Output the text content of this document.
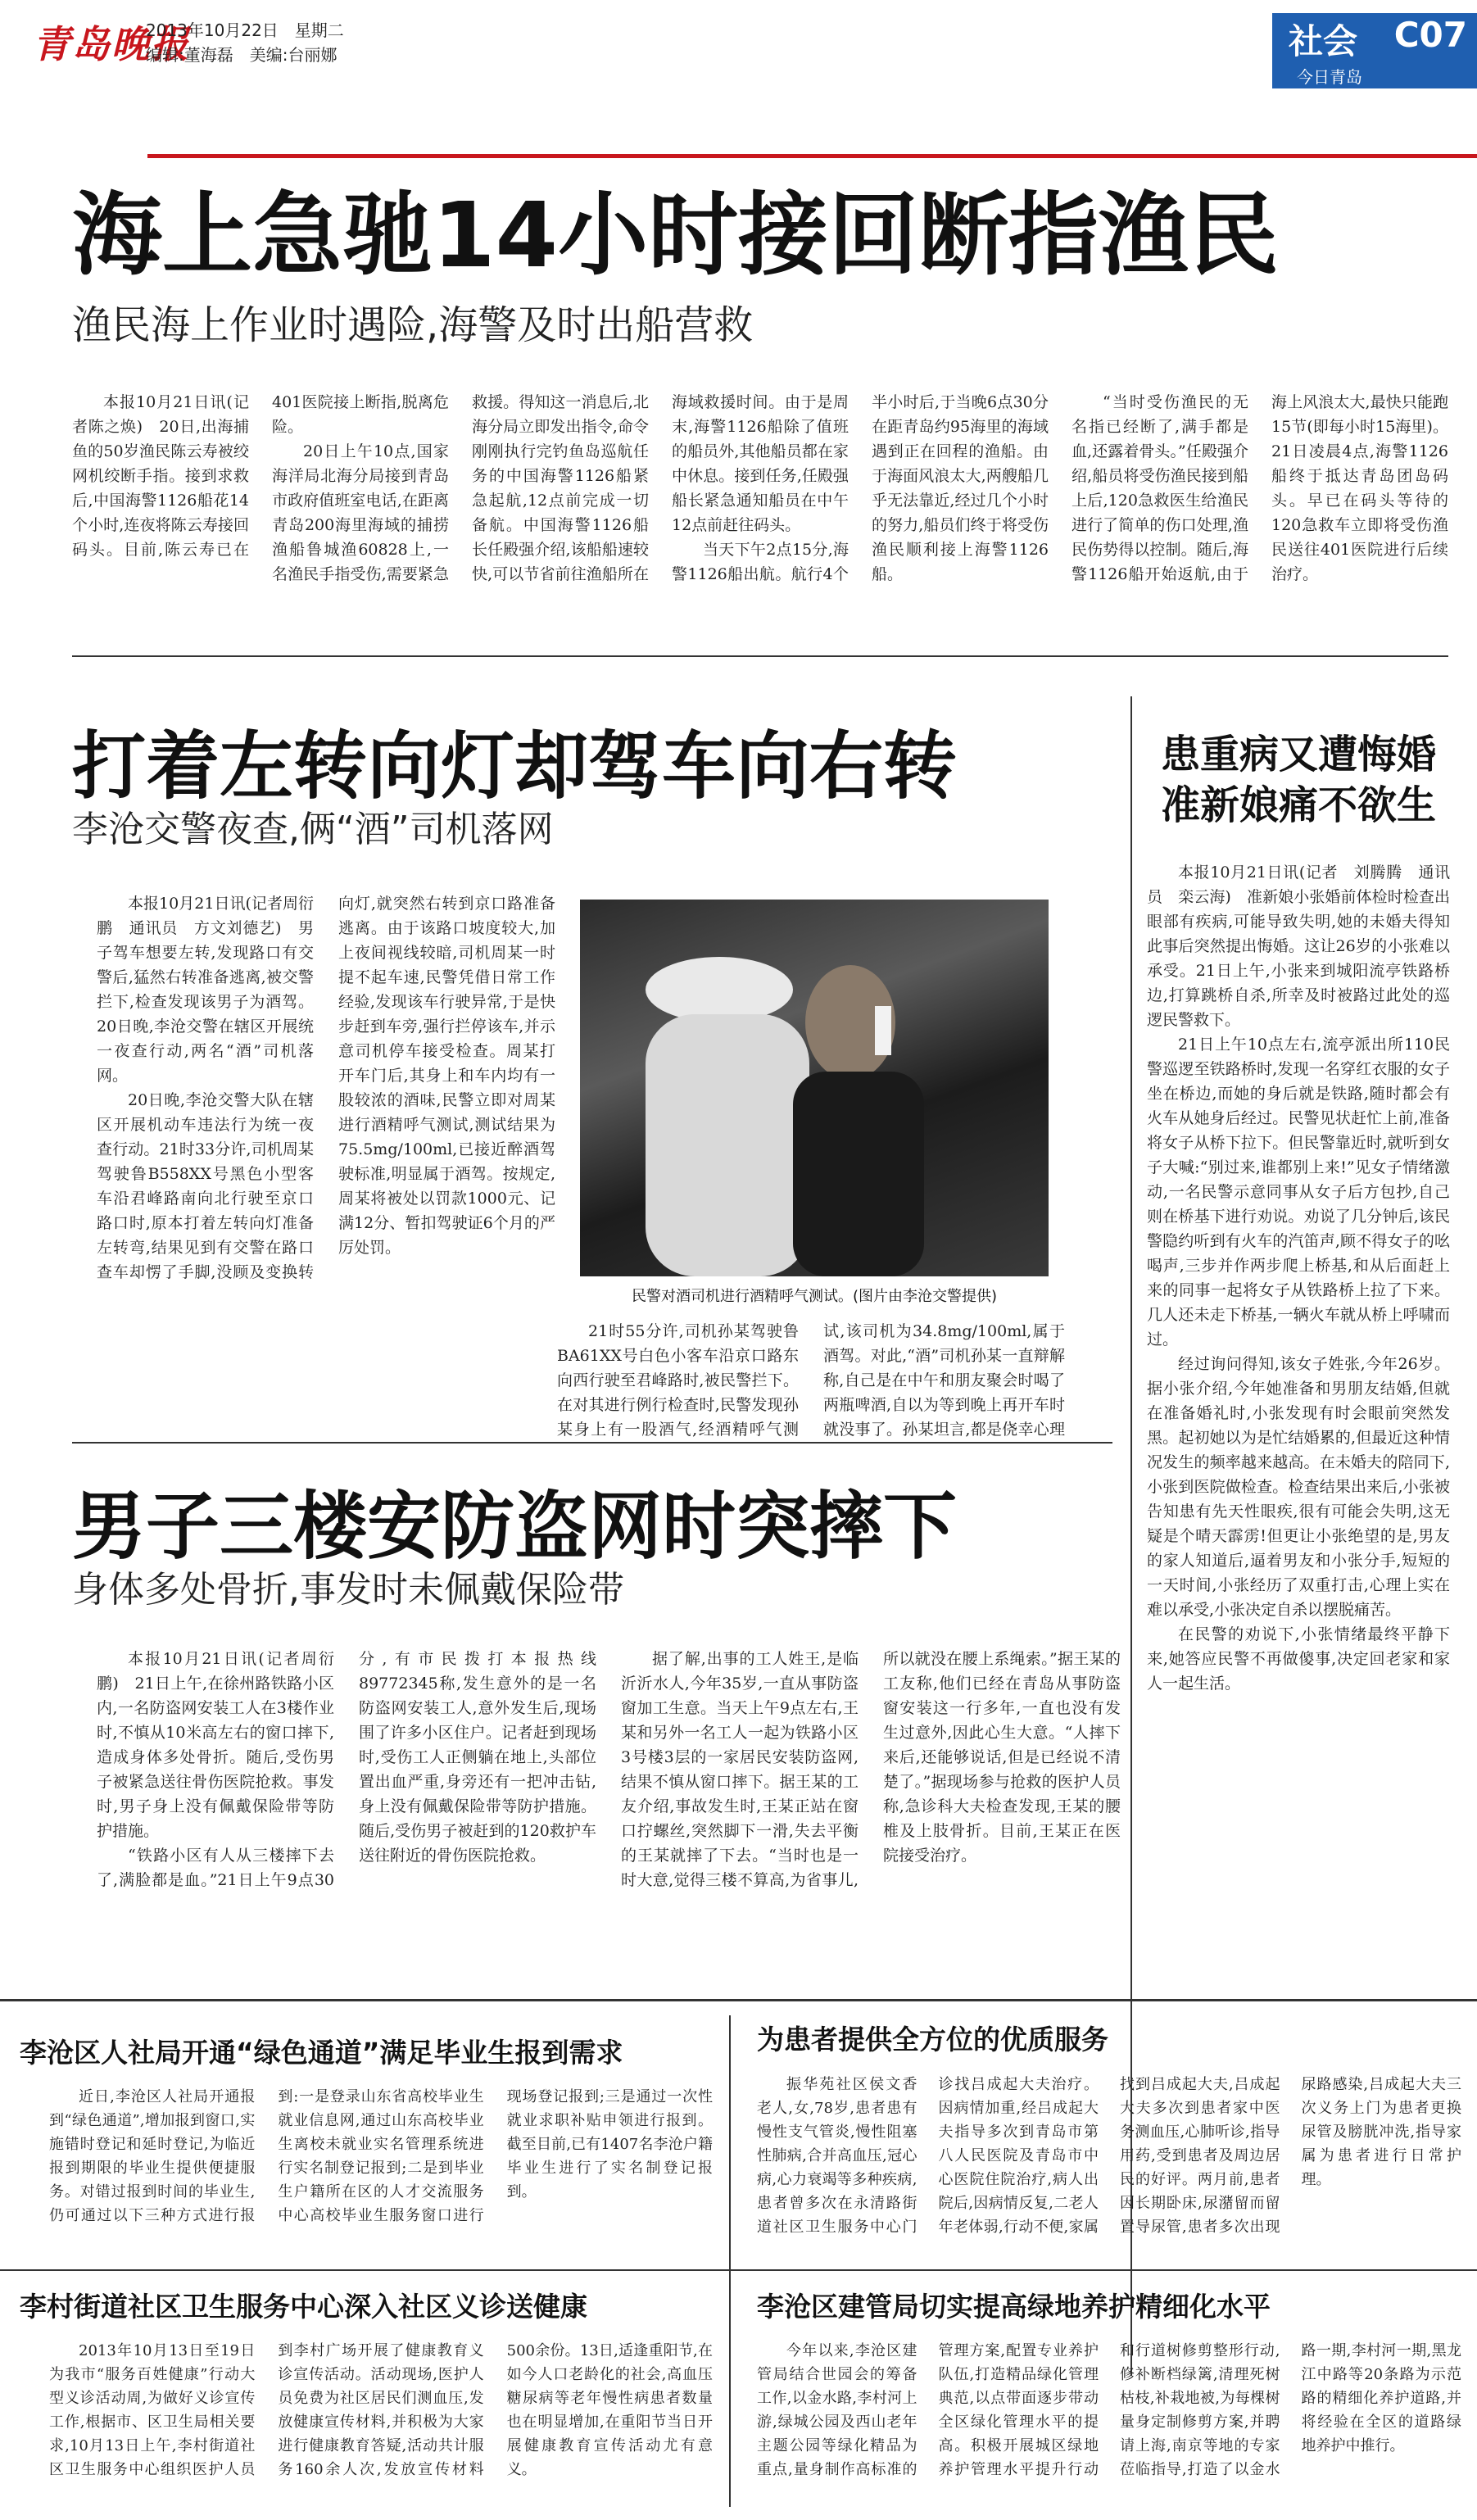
青岛晚报
2013年10月22日　星期二
编辑:董海磊　美编:台丽娜	社会 C07
今日青岛
海上急驰14小时接回断指渔民
渔民海上作业时遇险,海警及时出船营救

本报10月21日讯(记者陈之焕)　20日,出海捕鱼的50岁渔民陈云寿被绞网机绞断手指。接到求救后,中国海警1126船花14个小时,连夜将陈云寿接回码头。目前,陈云寿已在401医院接上断指,脱离危险。

20日上午10点,国家海洋局北海分局接到青岛市政府值班室电话,在距离青岛200海里海域的捕捞渔船鲁城渔60828上,一名渔民手指受伤,需要紧急救援。得知这一消息后,北海分局立即发出指令,命令刚刚执行完钓鱼岛巡航任务的中国海警1126船紧急起航,12点前完成一切备航。中国海警1126船长任殿强介绍,该船船速较快,可以节省前往渔船所在海域救援时间。由于是周末,海警1126船除了值班的船员外,其他船员都在家中休息。接到任务,任殿强船长紧急通知船员在中午12点前赶往码头。

当天下午2点15分,海警1126船出航。航行4个半小时后,于当晚6点30分在距青岛约95海里的海域遇到正在回程的渔船。由于海面风浪太大,两艘船几乎无法靠近,经过几个小时的努力,船员们终于将受伤渔民顺利接上海警1126船。

“当时受伤渔民的无名指已经断了,满手都是血,还露着骨头。”任殿强介绍,船员将受伤渔民接到船上后,120急救医生给渔民进行了简单的伤口处理,渔民伤势得以控制。随后,海警1126船开始返航,由于海上风浪太大,最快只能跑15节(即每小时15海里)。21日凌晨4点,海警1126船终于抵达青岛团岛码头。早已在码头等待的120急救车立即将受伤渔民送往401医院进行后续治疗。

打着左转向灯却驾车向右转
李沧交警夜查,俩“酒”司机落网

本报10月21日讯(记者周衍鹏　通讯员　方文刘德艺)　男子驾车想要左转,发现路口有交警后,猛然右转准备逃离,被交警拦下,检查发现该男子为酒驾。20日晚,李沧交警在辖区开展统一夜查行动,两名“酒”司机落网。

20日晚,李沧交警大队在辖区开展机动车违法行为统一夜查行动。21时33分许,司机周某驾驶鲁B558XX号黑色小型客车沿君峰路南向北行驶至京口路口时,原本打着左转向灯准备左转弯,结果见到有交警在路口查车却愣了手脚,没顾及变换转向灯,就突然右转到京口路准备逃离。由于该路口坡度较大,加上夜间视线较暗,司机周某一时提不起车速,民警凭借日常工作经验,发现该车行驶异常,于是快步赶到车旁,强行拦停该车,并示意司机停车接受检查。周某打开车门后,其身上和车内均有一股较浓的酒味,民警立即对周某进行酒精呼气测试,测试结果为75.5mg/100ml,已接近醉酒驾驶标准,明显属于酒驾。按规定,周某将被处以罚款1000元、记满12分、暂扣驾驶证6个月的严厉处罚。

民警对酒司机进行酒精呼气测试。(图片由李沧交警提供)

21时55分许,司机孙某驾驶鲁BA61XX号白色小客车沿京口路东向西行驶至君峰路时,被民警拦下。在对其进行例行检查时,民警发现孙某身上有一股酒气,经酒精呼气测试,该司机为34.8mg/100ml,属于酒驾。对此,“酒”司机孙某一直辩解称,自己是在中午和朋友聚会时喝了两瓶啤酒,自以为等到晚上再开车时就没事了。孙某坦言,都是侥幸心理

患重病又遭悔婚
准新娘痛不欲生

本报10月21日讯(记者　刘腾腾　通讯员　栾云海)　准新娘小张婚前体检时检查出眼部有疾病,可能导致失明,她的未婚夫得知此事后突然提出悔婚。这让26岁的小张难以承受。21日上午,小张来到城阳流亭铁路桥边,打算跳桥自杀,所幸及时被路过此处的巡逻民警救下。

21日上午10点左右,流亭派出所110民警巡逻至铁路桥时,发现一名穿红衣服的女子坐在桥边,而她的身后就是铁路,随时都会有火车从她身后经过。民警见状赶忙上前,准备将女子从桥下拉下。但民警靠近时,就听到女子大喊:“别过来,谁都别上来!”见女子情绪激动,一名民警示意同事从女子后方包抄,自己则在桥基下进行劝说。劝说了几分钟后,该民警隐约听到有火车的汽笛声,顾不得女子的吆喝声,三步并作两步爬上桥基,和从后面赶上来的同事一起将女子从铁路桥上拉了下来。几人还未走下桥基,一辆火车就从桥上呼啸而过。

经过询问得知,该女子姓张,今年26岁。据小张介绍,今年她准备和男朋友结婚,但就在准备婚礼时,小张发现有时会眼前突然发黑。起初她以为是忙结婚累的,但最近这种情况发生的频率越来越高。在未婚夫的陪同下,小张到医院做检查。检查结果出来后,小张被告知患有先天性眼疾,很有可能会失明,这无疑是个晴天霹雳!但更让小张绝望的是,男友的家人知道后,逼着男友和小张分手,短短的一天时间,小张经历了双重打击,心理上实在难以承受,小张决定自杀以摆脱痛苦。

在民警的劝说下,小张情绪最终平静下来,她答应民警不再做傻事,决定回老家和家人一起生活。

男子三楼安防盗网时突摔下
身体多处骨折,事发时未佩戴保险带

本报10月21日讯(记者周衍鹏)　21日上午,在徐州路铁路小区内,一名防盗网安装工人在3楼作业时,不慎从10米高左右的窗口摔下,造成身体多处骨折。随后,受伤男子被紧急送往骨伤医院抢救。事发时,男子身上没有佩戴保险带等防护措施。

“铁路小区有人从三楼摔下去了,满脸都是血。”21日上午9点30分,有市民拨打本报热线89772345称,发生意外的是一名防盗网安装工人,意外发生后,现场围了许多小区住户。记者赶到现场时,受伤工人正侧躺在地上,头部位置出血严重,身旁还有一把冲击钻,身上没有佩戴保险带等防护措施。随后,受伤男子被赶到的120救护车送往附近的骨伤医院抢救。

据了解,出事的工人姓王,是临沂沂水人,今年35岁,一直从事防盗窗加工生意。当天上午9点左右,王某和另外一名工人一起为铁路小区3号楼3层的一家居民安装防盗网,结果不慎从窗口摔下。据王某的工友介绍,事故发生时,王某正站在窗口拧螺丝,突然脚下一滑,失去平衡的王某就摔了下去。“当时也是一时大意,觉得三楼不算高,为省事儿,所以就没在腰上系绳索。”据王某的工友称,他们已经在青岛从事防盗窗安装这一行多年,一直也没有发生过意外,因此心生大意。“人摔下来后,还能够说话,但是已经说不清楚了。”据现场参与抢救的医护人员称,急诊科大夫检查发现,王某的腰椎及上肢骨折。目前,王某正在医院接受治疗。

李沧区人社局开通“绿色通道”满足毕业生报到需求

近日,李沧区人社局开通报到“绿色通道”,增加报到窗口,实施错时登记和延时登记,为临近报到期限的毕业生提供便捷服务。对错过报到时间的毕业生,仍可通过以下三种方式进行报到:一是登录山东省高校毕业生就业信息网,通过山东高校毕业生离校未就业实名管理系统进行实名制登记报到;二是到毕业生户籍所在区的人才交流服务中心高校毕业生服务窗口进行现场登记报到;三是通过一次性就业求职补贴申领进行报到。截至目前,已有1407名李沧户籍毕业生进行了实名制登记报到。

为患者提供全方位的优质服务

振华苑社区侯文香老人,女,78岁,患者患有慢性支气管炎,慢性阻塞性肺病,合并高血压,冠心病,心力衰竭等多种疾病,患者曾多次在永清路街道社区卫生服务中心门诊找吕成起大夫治疗。因病情加重,经吕成起大夫指导多次到青岛市第八人民医院及青岛市中心医院住院治疗,病人出院后,因病情反复,二老人年老体弱,行动不便,家属找到吕成起大夫,吕成起大夫多次到患者家中医务测血压,心肺听诊,指导用药,受到患者及周边居民的好评。两月前,患者因长期卧床,尿潴留而留置导尿管,患者多次出现尿路感染,吕成起大夫三次义务上门为患者更换尿管及膀胱冲洗,指导家属为患者进行日常护理。

李村街道社区卫生服务中心深入社区义诊送健康

2013年10月13日至19日为我市“服务百姓健康”行动大型义诊活动周,为做好义诊宣传工作,根据市、区卫生局相关要求,10月13日上午,李村街道社区卫生服务中心组织医护人员到李村广场开展了健康教育义诊宣传活动。活动现场,医护人员免费为社区居民们测血压,发放健康宣传材料,并积极为大家进行健康教育答疑,活动共计服务160余人次,发放宣传材料500余份。13日,适逢重阳节,在如今人口老龄化的社会,高血压糖尿病等老年慢性病患者数量也在明显增加,在重阳节当日开展健康教育宣传活动尤有意义。

李沧区建管局切实提高绿地养护精细化水平

今年以来,李沧区建管局结合世园会的筹备工作,以金水路,李村河上游,绿城公园及西山老年主题公园等绿化精品为重点,量身制作高标准的管理方案,配置专业养护队伍,打造精品绿化管理典范,以点带面逐步带动全区绿化管理水平的提高。积极开展城区绿地养护管理水平提升行动和行道树修剪整形行动,修补断档绿篱,清理死树枯枝,补栽地被,为每棵树量身定制修剪方案,并聘请上海,南京等地的专家莅临指导,打造了以金水路一期,李村河一期,黑龙江中路等20条路为示范路的精细化养护道路,并将经验在全区的道路绿地养护中推行。
